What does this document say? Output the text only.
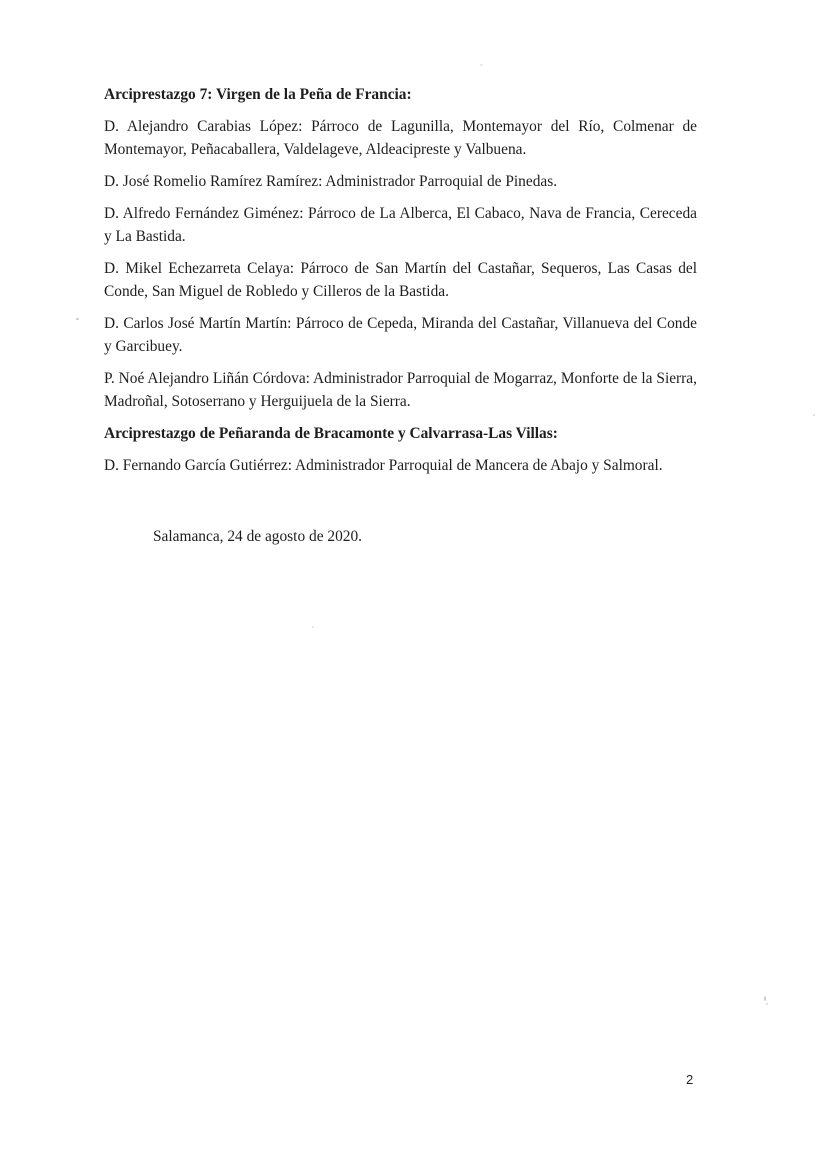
Arciprestazgo 7: Virgen de la Peña de Francia:

D. Alejandro Carabias López: Párroco de Lagunilla, Montemayor del Río, Colmenar de Montemayor, Peñacaballera, Valdelageve, Aldeacipreste y Valbuena.

D. José Romelio Ramírez Ramírez: Administrador Parroquial de Pinedas.

D. Alfredo Fernández Giménez: Párroco de La Alberca, El Cabaco, Nava de Francia, Cereceda y La Bastida.

D. Mikel Echezarreta Celaya: Párroco de San Martín del Castañar, Sequeros, Las Casas del Conde, San Miguel de Robledo y Cilleros de la Bastida.

D. Carlos José Martín Martín: Párroco de Cepeda, Miranda del Castañar, Villanueva del Conde y Garcibuey.

P. Noé Alejandro Liñán Córdova: Administrador Parroquial de Mogarraz, Monforte de la Sierra, Madroñal, Sotoserrano y Herguijuela de la Sierra.

Arciprestazgo de Peñaranda de Bracamonte y Calvarrasa-Las Villas:

D. Fernando García Gutiérrez: Administrador Parroquial de Mancera de Abajo y Salmoral.

Salamanca, 24 de agosto de 2020.
2
